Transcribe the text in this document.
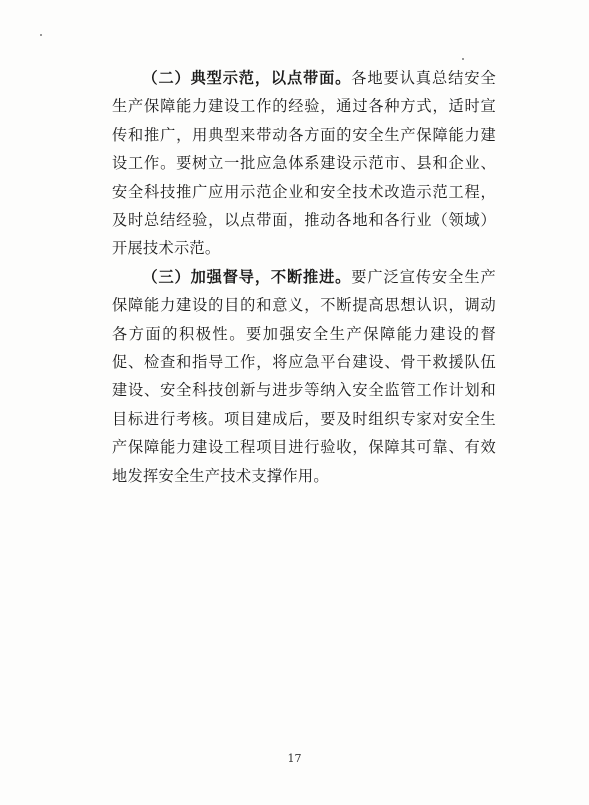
（二）典型示范，以点带面。各地要认真总结安全生产保障能力建设工作的经验，通过各种方式，适时宣传和推广，用典型来带动各方面的安全生产保障能力建设工作。要树立一批应急体系建设示范市、县和企业、安全科技推广应用示范企业和安全技术改造示范工程，及时总结经验，以点带面，推动各地和各行业（领域）开展技术示范。

（三）加强督导，不断推进。要广泛宣传安全生产保障能力建设的目的和意义，不断提高思想认识，调动各方面的积极性。要加强安全生产保障能力建设的督促、检查和指导工作，将应急平台建设、骨干救援队伍建设、安全科技创新与进步等纳入安全监管工作计划和目标进行考核。项目建成后，要及时组织专家对安全生产保障能力建设工程项目进行验收，保障其可靠、有效地发挥安全生产技术支撑作用。

17
